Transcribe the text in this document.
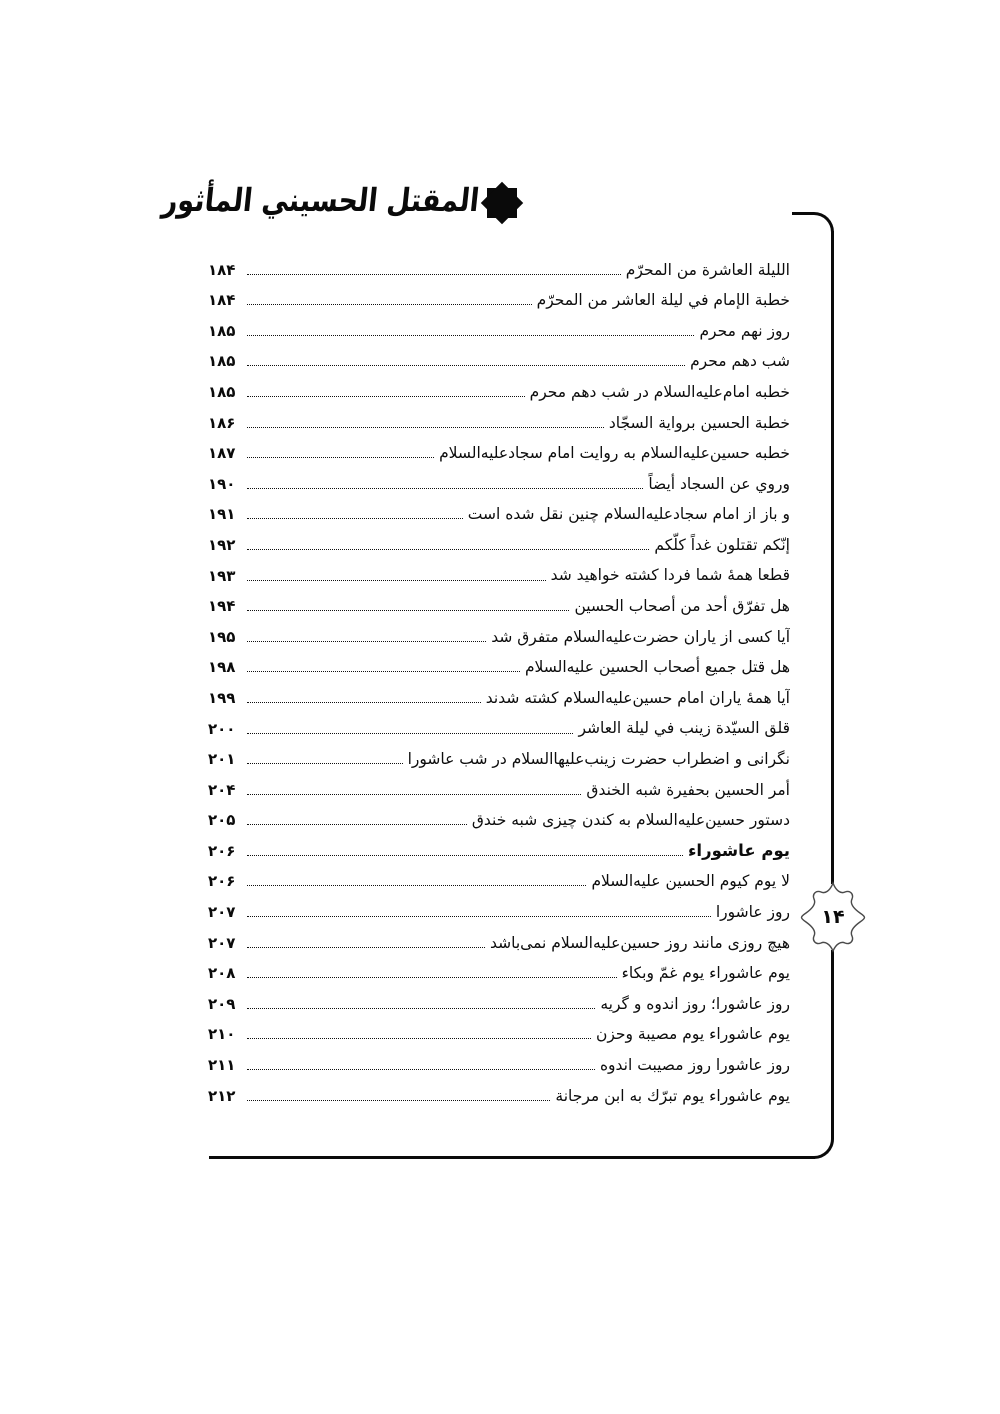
المقتل الحسيني المأثور
۱۴
الليلة العاشرة من المحرّم
۱۸۴
خطبة الإمام في ليلة العاشر من المحرّم
۱۸۴
روز نهم محرم
۱۸۵
شب دهم محرم
۱۸۵
خطبه امام‌علیه‌السلام در شب دهم محرم
۱۸۵
خطبة الحسين برواية السجّاد
۱۸۶
خطبه حسین‌علیه‌السلام به روایت امام سجاد‌علیه‌السلام
۱۸۷
وروي عن السجاد أيضاً
۱۹۰
و باز از امام سجاد‌علیه‌السلام چنین نقل شده است
۱۹۱
إنّكم تقتلون غداً كلّكم
۱۹۲
قطعا همهٔ شما فردا کشته خواهید شد
۱۹۳
هل تفرّق أحد من أصحاب الحسين
۱۹۴
آیا کسی از یاران حضرت‌علیه‌السلام متفرق شد
۱۹۵
هل قتل جميع أصحاب الحسين عليه‌السلام
۱۹۸
آیا همهٔ یاران امام حسین‌علیه‌السلام کشته شدند
۱۹۹
قلق السيّدة زينب في ليلة العاشر
۲۰۰
نگرانی و اضطراب حضرت زینب‌علیها‌السلام در شب عاشورا
۲۰۱
أمر الحسين بحفيرة شبه الخندق
۲۰۴
دستور حسین‌علیه‌السلام به کندن چیزی شبه خندق
۲۰۵
يوم عاشوراء
۲۰۶
لا يوم كيوم الحسين عليه‌السلام
۲۰۶
روز عاشورا
۲۰۷
هیچ روزی مانند روز حسین‌علیه‌السلام نمی‌باشد
۲۰۷
يوم عاشوراء يوم غمّ وبكاء
۲۰۸
روز عاشورا؛ روز اندوه و گریه
۲۰۹
يوم عاشوراء يوم مصيبة وحزن
۲۱۰
روز عاشورا روز مصیبت اندوه
۲۱۱
يوم عاشوراء يوم تبرّك به ابن مرجانة
۲۱۲
